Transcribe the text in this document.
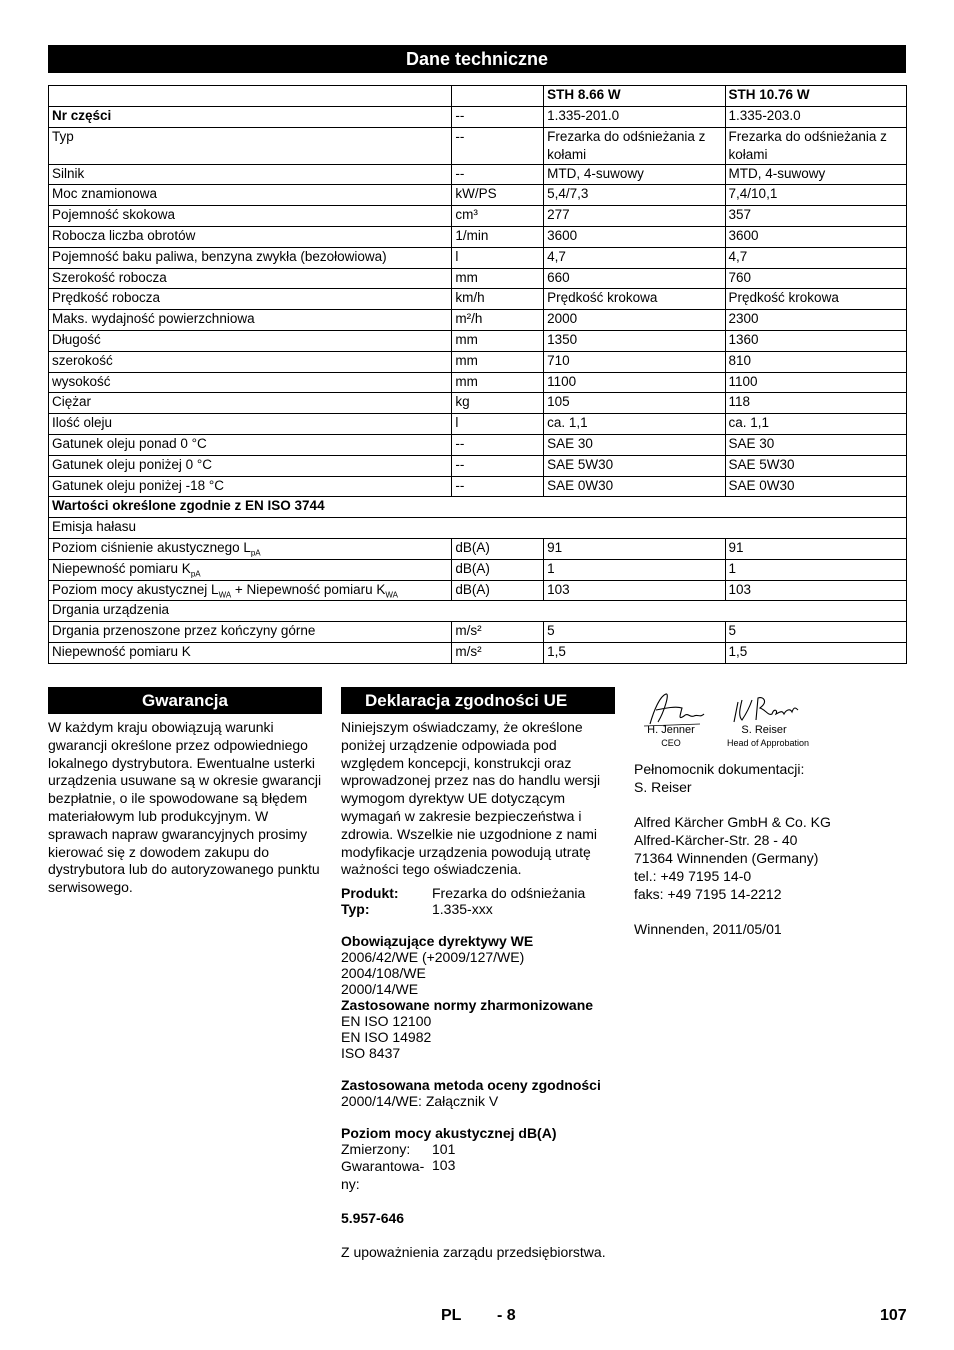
Dane techniczne
		STH 8.66 W	STH 10.76 W
Nr części	--	1.335-201.0	1.335-203.0
Typ	--	Frezarka do odśnieżania z kołami	Frezarka do odśnieżania z kołami
Silnik	--	MTD, 4-suwowy	MTD, 4-suwowy
Moc znamionowa	kW/PS	5,4/7,3	7,4/10,1
Pojemność skokowa	cm³	277	357
Robocza liczba obrotów	1/min	3600	3600
Pojemność baku paliwa, benzyna zwykła (bezołowiowa)	l	4,7	4,7
Szerokość robocza	mm	660	760
Prędkość robocza	km/h	Prędkość krokowa	Prędkość krokowa
Maks. wydajność powierzchniowa	m²/h	2000	2300
Długość	mm	1350	1360
szerokość	mm	710	810
wysokość	mm	1100	1100
Ciężar	kg	105	118
Ilość oleju	l	ca. 1,1	ca. 1,1
Gatunek oleju ponad 0 °C	--	SAE 30	SAE 30
Gatunek oleju poniżej 0 °C	--	SAE 5W30	SAE 5W30
Gatunek oleju poniżej -18 °C	--	SAE 0W30	SAE 0W30
Wartości określone zgodnie z EN ISO 3744			
Emisja hałasu			
Poziom ciśnienie akustycznego $L_{pA}$	dB(A)	91	91
Niepewność pomiaru $K_{pA}$	dB(A)	1	1
Poziom mocy akustycznej $L_{WA}$ + Niepewność pomiaru $K_{WA}$	dB(A)	103	103
Drgania urządzenia			
Drgania przenoszone przez kończyny górne	m/s²	5	5
Niepewność pomiaru K	m/s²	1,5	1,5
Gwarancja
W każdym kraju obowiązują warunki gwarancji określone przez odpowiedniego lokalnego dystrybutora. Ewentualne usterki urządzenia usuwane są w okresie gwarancji bezpłatnie, o ile spowodowane są błędem materiałowym lub produkcyjnym. W sprawach napraw gwarancyjnych prosimy kierować się z dowodem zakupu do dystrybutora lub do autoryzowanego punktu serwisowego.
Deklaracja zgodności UE
Niniejszym oświadczamy, że określone poniżej urządzenie odpowiada pod względem koncepcji, konstrukcji oraz wprowadzonej przez nas do handlu wersji wymogom dyrektyw UE dotyczącym wymagań w zakresie bezpieczeństwa i zdrowia. Wszelkie nie uzgodnione z nami modyfikacje urządzenia powodują utratę ważności tego oświadczenia.
Produkt: Frezarka do odśnieżania
Typ:	1.335-xxx
Obowiązujące dyrektywy WE
2006/42/WE (+2009/127/WE)
2004/108/WE
2000/14/WE
Zastosowane normy zharmonizowane
EN ISO 12100
EN ISO 14982
ISO 8437
Zastosowana metoda oceny zgodności
2000/14/WE: Załącznik V
Poziom mocy akustycznej dB(A)
Zmierzony:	101
Gwarantowa-ny:
103
5.957-646
Z upoważnienia zarządu przedsiębiorstwa.
H. Jenner
CEO
S. Reiser
Head of Approbation
Pełnomocnik dokumentacji:
S. Reiser
Alfred Kärcher GmbH & Co. KG
Alfred-Kärcher-Str. 28 - 40
71364 Winnenden (Germany)
tel.: +49 7195 14-0
faks: +49 7195 14-2212
Winnenden, 2011/05/01
PL - 8	107
